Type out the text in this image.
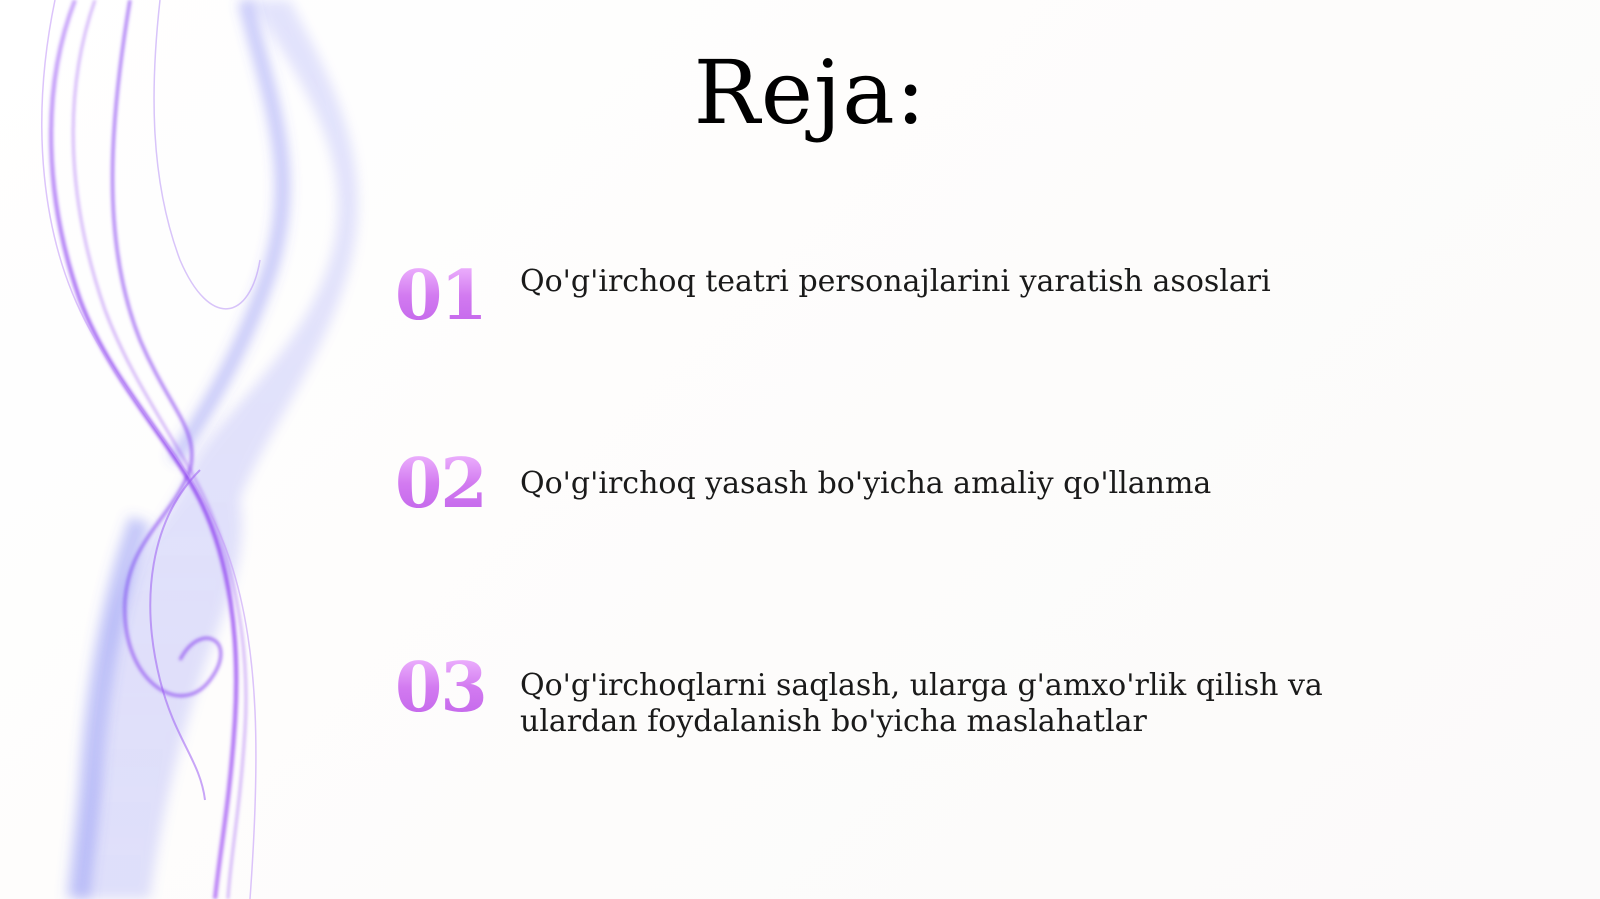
Reja:
01	Qo'g'irchoq teatri personajlarini yaratish asoslari
02	Qo'g'irchoq yasash bo'yicha amaliy qo'llanma
03	Qo'g'irchoqlarni saqlash, ularga g'amxo'rlik qilish va ulardan foydalanish bo'yicha maslahatlar
